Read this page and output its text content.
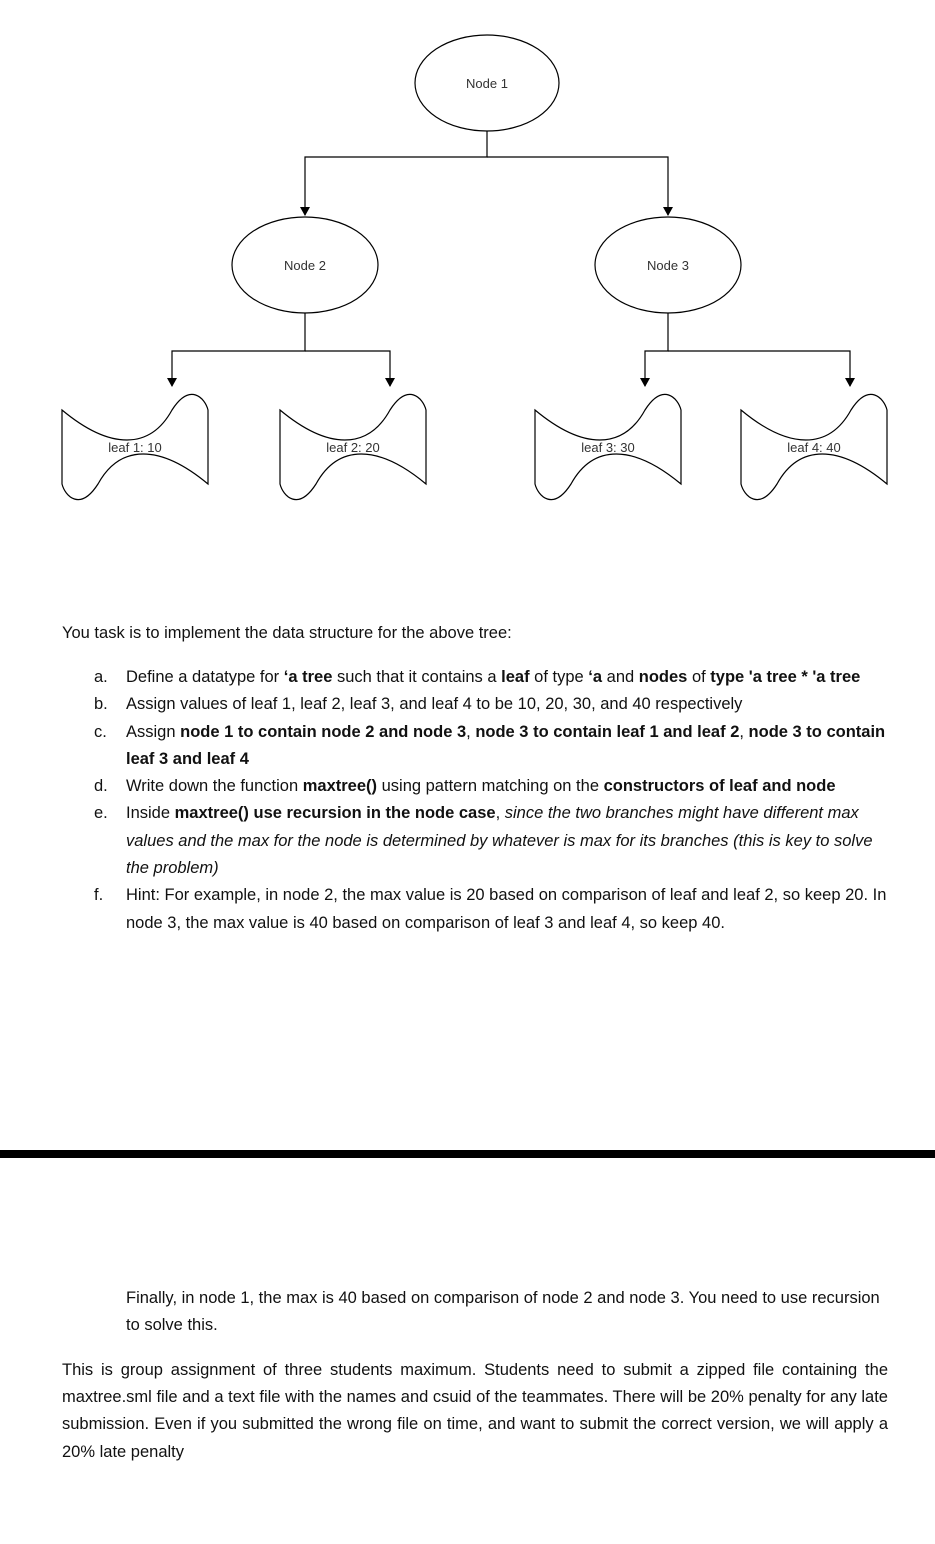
Node 1
Node 2	Node 3
leaf 1: 10	leaf 2: 20	leaf 3: 30	leaf 4: 40
You task is to implement the data structure for the above tree:
a. Define a datatype for ‘a tree such that it contains a leaf of type ‘a and nodes of type 'a tree * 'a tree
b. Assign values of leaf 1, leaf 2, leaf 3, and leaf 4 to be 10, 20, 30, and 40 respectively
c. Assign node 1 to contain node 2 and node 3, node 3 to contain leaf 1 and leaf 2, node 3 to contain leaf 3 and leaf 4
d. Write down the function maxtree() using pattern matching on the constructors of leaf and node
e. Inside maxtree() use recursion in the node case, since the two branches might have different max values and the max for the node is determined by whatever is max for its branches (this is key to solve the problem)
f. Hint: For example, in node 2, the max value is 20 based on comparison of leaf and leaf 2, so keep 20. In node 3, the max value is 40 based on comparison of leaf 3 and leaf 4, so keep 40.
Finally, in node 1, the max is 40 based on comparison of node 2 and node 3. You need to use recursion to solve this.
This is group assignment of three students maximum. Students need to submit a zipped file containing the maxtree.sml file and a text file with the names and csuid of the teammates. There will be 20% penalty for any late submission. Even if you submitted the wrong file on time, and want to submit the correct version, we will apply a 20% late penalty
